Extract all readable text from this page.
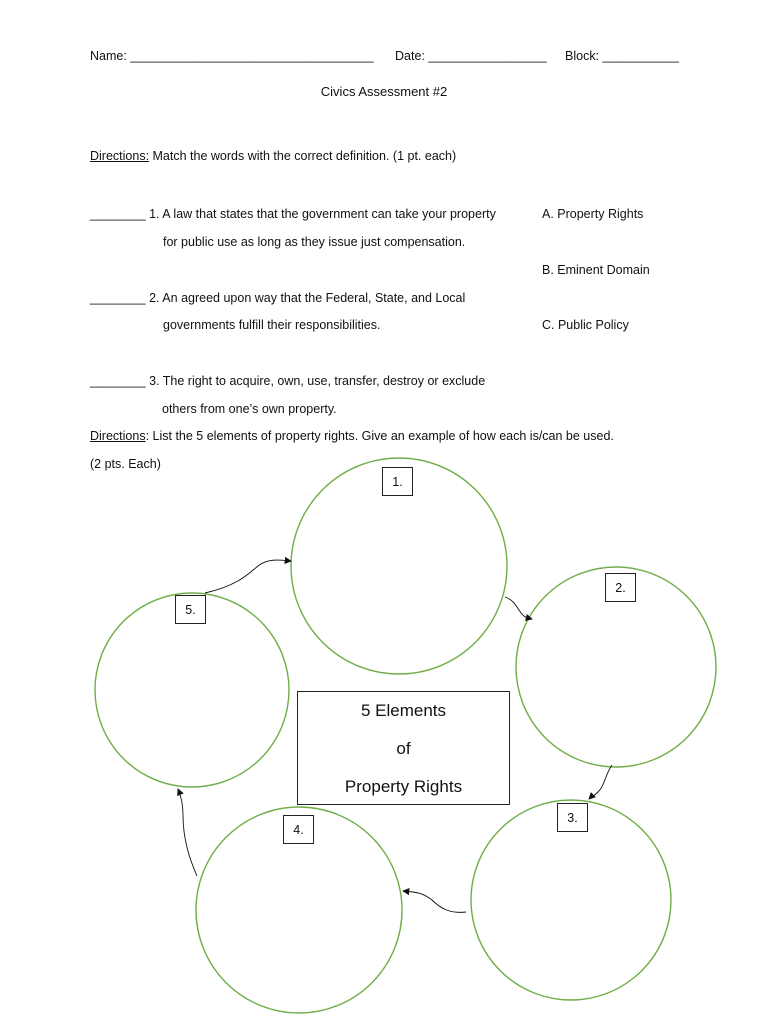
Name: ___________________________________ Date: _________________ Block: ___________
Civics Assessment #2
Directions: Match the words with the correct definition. (1 pt. each)
________ 1. A law that states that the government can take your property
for public use as long as they issue just compensation.
________ 2. An agreed upon way that the Federal, State, and Local
governments fulfill their responsibilities.
________ 3. The right to acquire, own, use, transfer, destroy or exclude
others from one’s own property.
A. Property Rights
B. Eminent Domain
C. Public Policy
Directions: List the 5 elements of property rights. Give an example of how each is/can be used.
(2 pts. Each)
1.
2.
3.
4.
5.
5 Elements
of
Property Rights
